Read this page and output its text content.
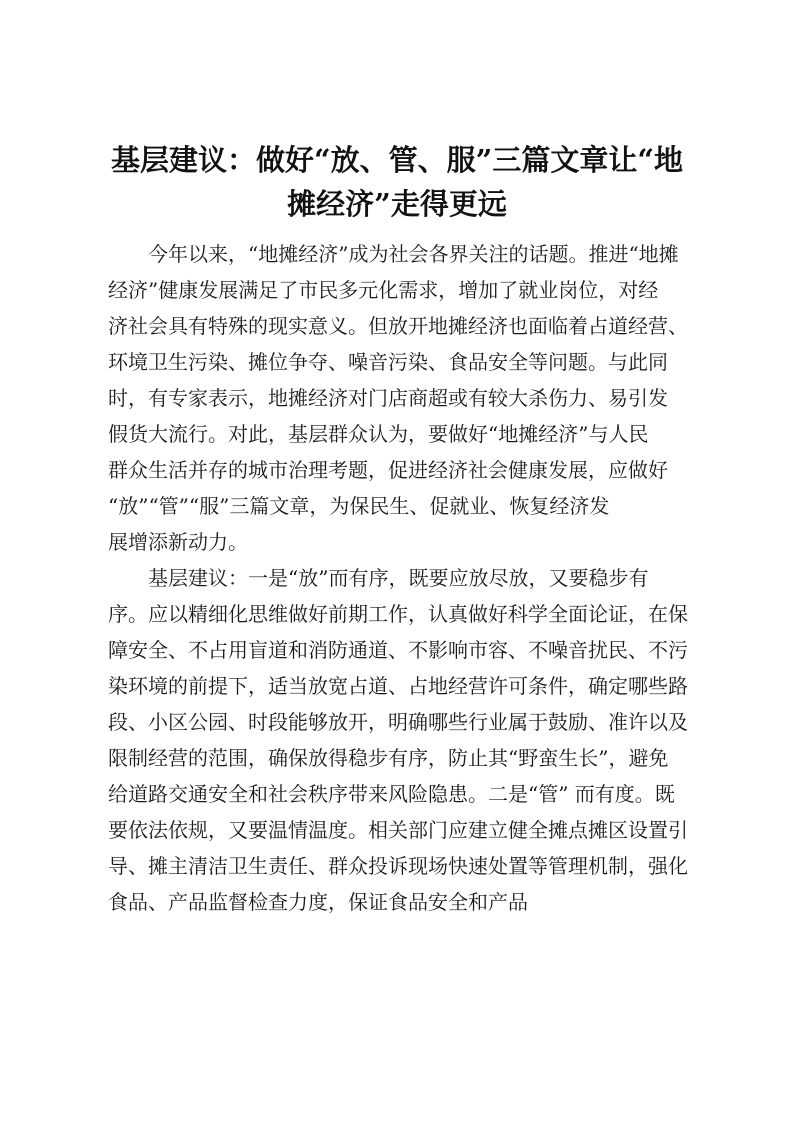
基层建议：做好“放、管、服”三篇文章让“地
摊经济”走得更远
今年以来，“地摊经济”成为社会各界关注的话题。推进“地摊
经济”健康发展满足了市民多元化需求，增加了就业岗位，对经
济社会具有特殊的现实意义。但放开地摊经济也面临着占道经营、
环境卫生污染、摊位争夺、噪音污染、食品安全等问题。与此同
时，有专家表示，地摊经济对门店商超或有较大杀伤力、易引发
假货大流行。对此，基层群众认为，要做好“地摊经济”与人民
群众生活并存的城市治理考题，促进经济社会健康发展，应做好
“放”“管”“服”三篇文章，为保民生、促就业、恢复经济发
展增添新动力。
基层建议：一是“放”而有序，既要应放尽放，又要稳步有
序。应以精细化思维做好前期工作，认真做好科学全面论证，在保
障安全、不占用盲道和消防通道、不影响市容、不噪音扰民、不污
染环境的前提下，适当放宽占道、占地经营许可条件，确定哪些路
段、小区公园、时段能够放开，明确哪些行业属于鼓励、准许以及
限制经营的范围，确保放得稳步有序，防止其“野蛮生长”，避免
给道路交通安全和社会秩序带来风险隐患。二是“管” 而有度。既
要依法依规，又要温情温度。相关部门应建立健全摊点摊区设置引
导、摊主清洁卫生责任、群众投诉现场快速处置等管理机制，强化
食品、产品监督检查力度，保证食品安全和产品
